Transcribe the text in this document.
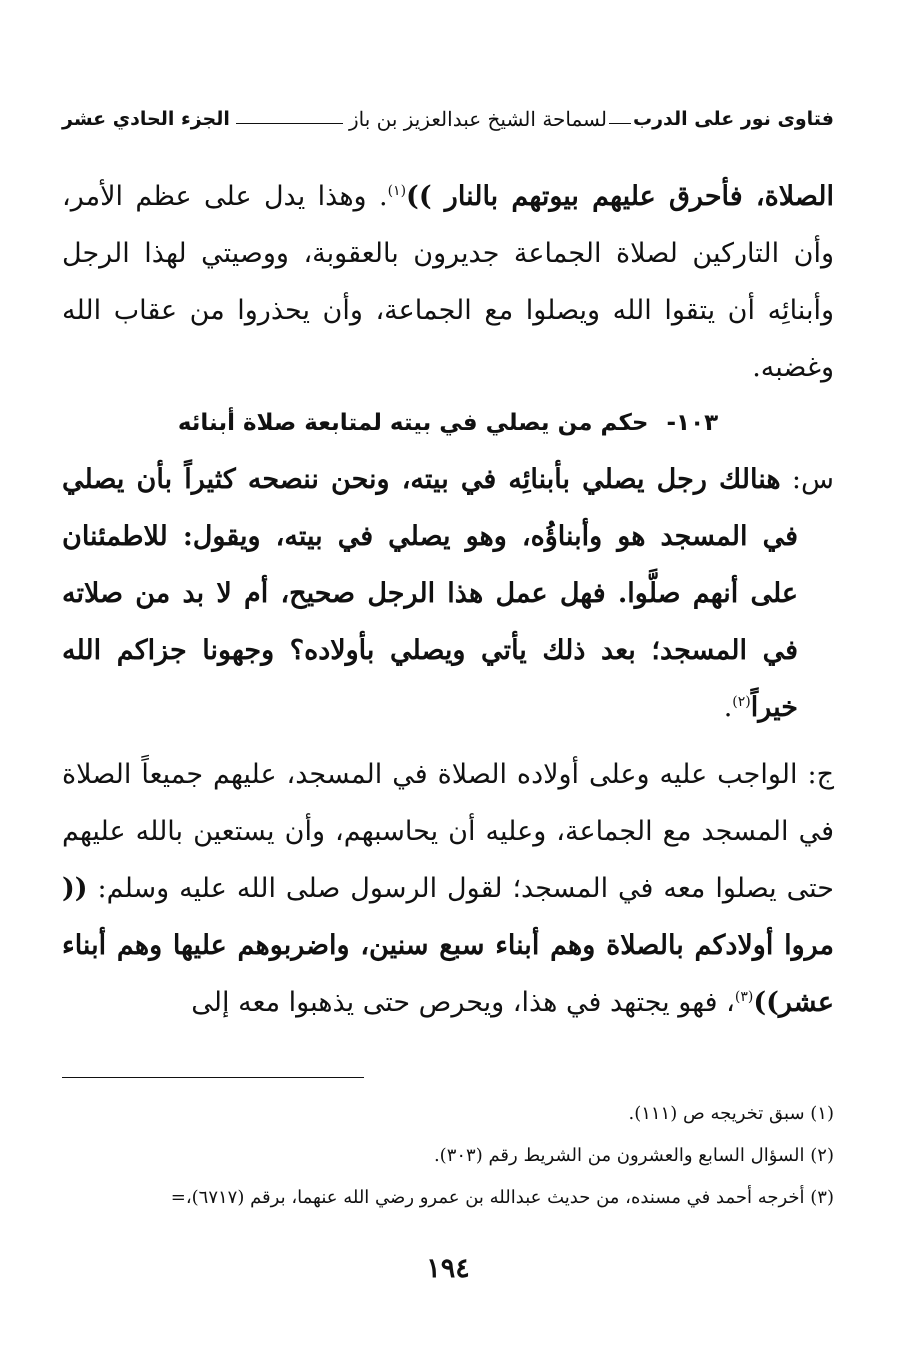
فتاوى نور على الدرب
لسماحة الشيخ عبدالعزيز بن باز
الجزء الحادي عشر

الصلاة، فأحرق عليهم بيوتهم بالنار ))$^{(١)}$. وهذا يدل على عظم الأمر، وأن التاركين لصلاة الجماعة جديرون بالعقوبة، ووصيتي لهذا الرجل وأبنائِه أن يتقوا الله ويصلوا مع الجماعة، وأن يحذروا من عقاب الله وغضبه.

١٠٣-حكم من يصلي في بيته لمتابعة صلاة أبنائه

س: هنالك رجل يصلي بأبنائِه في بيته، ونحن ننصحه كثيراً بأن يصلي في المسجد هو وأبناؤُه، وهو يصلي في بيته، ويقول: للاطمئنان على أنهم صلَّوا. فهل عمل هذا الرجل صحيح، أم لا بد من صلاته في المسجد؛ بعد ذلك يأتي ويصلي بأولاده؟ وجهونا جزاكم الله خيراً$^{(٢)}$.

ج: الواجب عليه وعلى أولاده الصلاة في المسجد، عليهم جميعاً الصلاة في المسجد مع الجماعة، وعليه أن يحاسبهم، وأن يستعين بالله عليهم حتى يصلوا معه في المسجد؛ لقول الرسول صلى الله عليه وسلم: (( مروا أولادكم بالصلاة وهم أبناء سبع سنين، واضربوهم عليها وهم أبناء عشر))$^{(٣)}$، فهو يجتهد في هذا، ويحرص حتى يذهبوا معه إلى

(١) سبق تخريجه ص (١١١).
(٢) السؤال السابع والعشرون من الشريط رقم (٣٠٣).
(٣) أخرجه أحمد في مسنده، من حديث عبدالله بن عمرو رضي الله عنهما، برقم (٦٧١٧)،=
١٩٤
